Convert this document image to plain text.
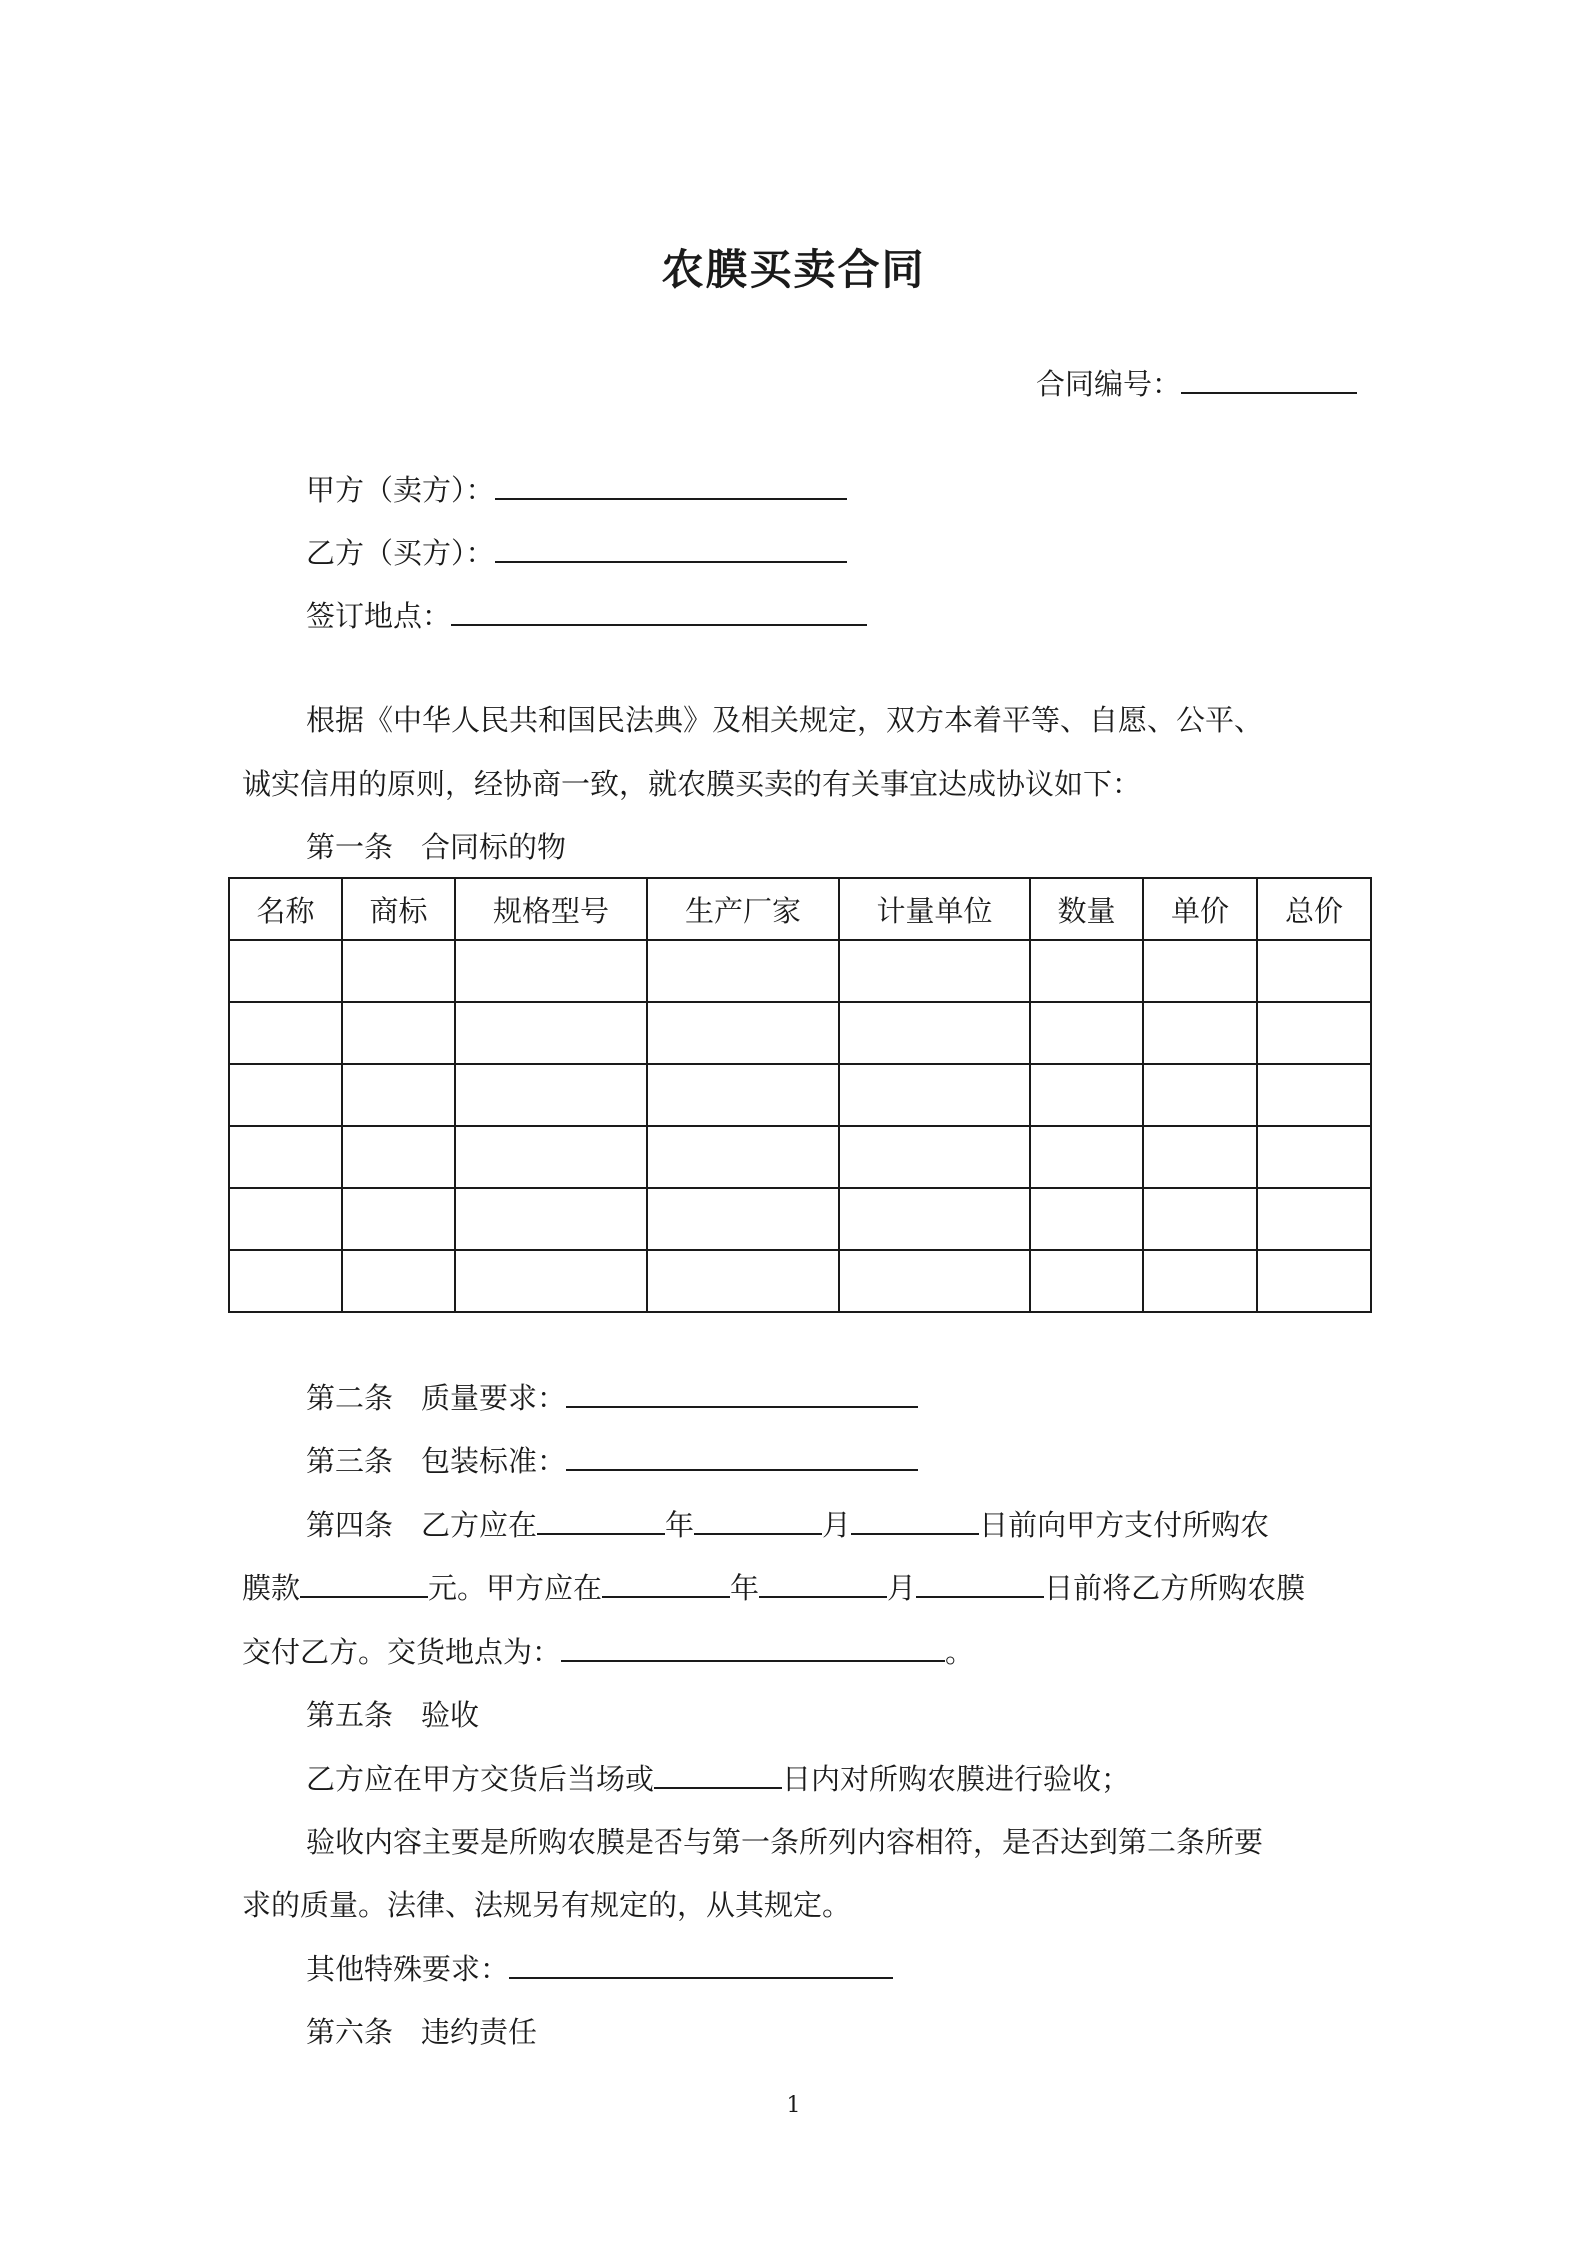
农膜买卖合同
合同编号：
甲方（卖方）：
乙方（买方）：
签订地点：
根据《中华人民共和国民法典》及相关规定，双方本着平等、自愿、公平、
诚实信用的原则，经协商一致，就农膜买卖的有关事宜达成协议如下：
第一条 合同标的物
名称	商标	规格型号	生产厂家	计量单位	数量	单价	总价

第二条 质量要求：
第三条 包装标准：
第四条 乙方应在	年	月	日前向甲方支付所购农
膜款	元。甲方应在	年	月	日前将乙方所购农膜
交付乙方。交货地点为：	。
第五条 验收
乙方应在甲方交货后当场或	日内对所购农膜进行验收；
验收内容主要是所购农膜是否与第一条所列内容相符，是否达到第二条所要
求的质量。法律、法规另有规定的，从其规定。
其他特殊要求：
第六条 违约责任
1
